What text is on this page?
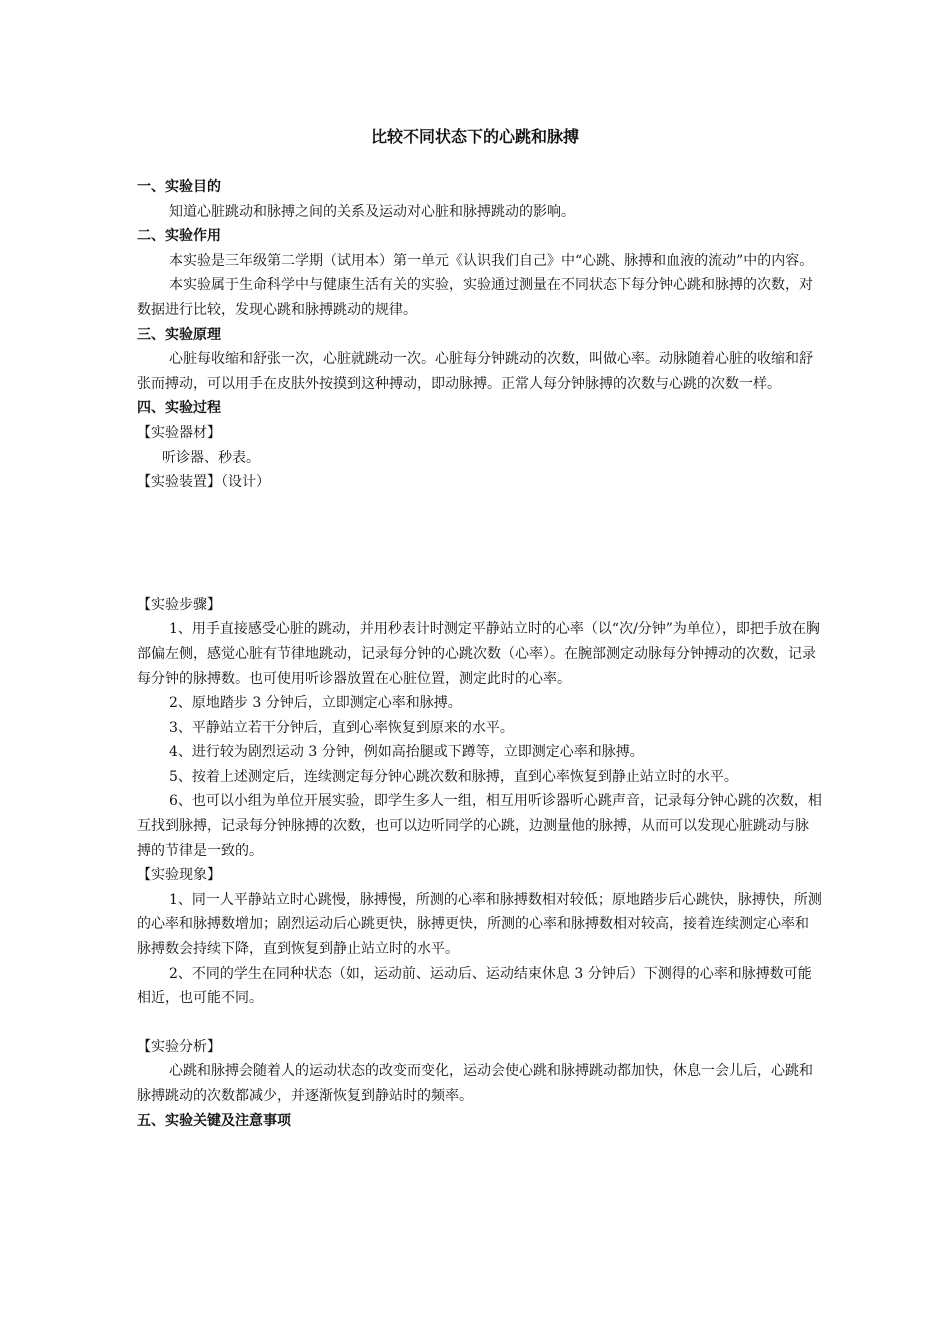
比较不同状态下的心跳和脉搏

一、实验目的

知道心脏跳动和脉搏之间的关系及运动对心脏和脉搏跳动的影响。

二、实验作用

本实验是三年级第二学期（试用本）第一单元《认识我们自己》中“心跳、脉搏和血液的流动”中的内容。

本实验属于生命科学中与健康生活有关的实验，实验通过测量在不同状态下每分钟心跳和脉搏的次数，对数据进行比较，发现心跳和脉搏跳动的规律。

三、实验原理

心脏每收缩和舒张一次，心脏就跳动一次。心脏每分钟跳动的次数，叫做心率。动脉随着心脏的收缩和舒张而搏动，可以用手在皮肤外按摸到这种搏动，即动脉搏。正常人每分钟脉搏的次数与心跳的次数一样。

四、实验过程

【实验器材】

听诊器、秒表。

【实验装置】（设计）

【实验步骤】

1、用手直接感受心脏的跳动，并用秒表计时测定平静站立时的心率（以“次/分钟”为单位），即把手放在胸部偏左侧，感觉心脏有节律地跳动，记录每分钟的心跳次数（心率）。在腕部测定动脉每分钟搏动的次数，记录每分钟的脉搏数。也可使用听诊器放置在心脏位置，测定此时的心率。

2、原地踏步 3 分钟后，立即测定心率和脉搏。

3、平静站立若干分钟后，直到心率恢复到原来的水平。

4、进行较为剧烈运动 3 分钟，例如高抬腿或下蹲等，立即测定心率和脉搏。

5、按着上述测定后，连续测定每分钟心跳次数和脉搏，直到心率恢复到静止站立时的水平。

6、也可以小组为单位开展实验，即学生多人一组，相互用听诊器听心跳声音，记录每分钟心跳的次数，相互找到脉搏，记录每分钟脉搏的次数，也可以边听同学的心跳，边测量他的脉搏，从而可以发现心脏跳动与脉搏的节律是一致的。

【实验现象】

1、同一人平静站立时心跳慢，脉搏慢，所测的心率和脉搏数相对较低；原地踏步后心跳快，脉搏快，所测的心率和脉搏数增加；剧烈运动后心跳更快，脉搏更快，所测的心率和脉搏数相对较高，接着连续测定心率和脉搏数会持续下降，直到恢复到静止站立时的水平。

2、不同的学生在同种状态（如，运动前、运动后、运动结束休息 3 分钟后）下测得的心率和脉搏数可能相近，也可能不同。

【实验分析】

心跳和脉搏会随着人的运动状态的改变而变化，运动会使心跳和脉搏跳动都加快，休息一会儿后，心跳和脉搏跳动的次数都减少，并逐渐恢复到静站时的频率。

五、实验关键及注意事项
